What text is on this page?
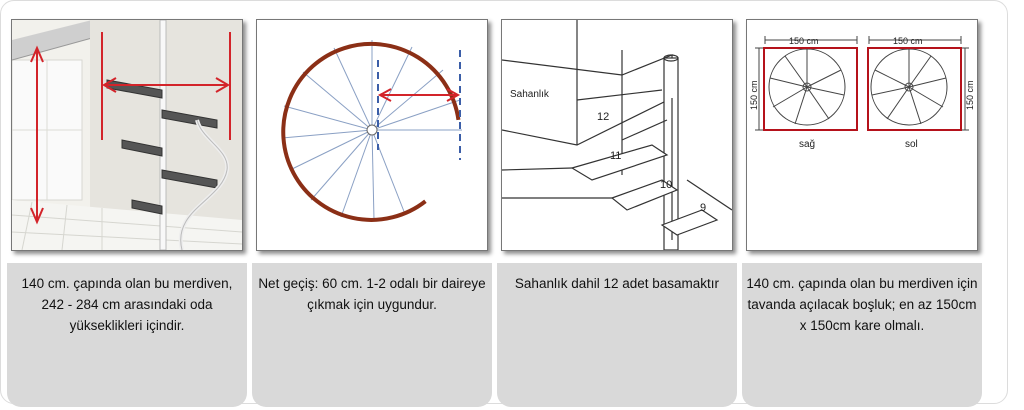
140 cm. çapında olan bu merdiven, 242 - 284 cm arasındaki oda yükseklikleri içindir.
Net geçiş: 60 cm. 1-2 odalı bir daireye çıkmak için uygundur.
Sahanlık
12
11
10
9
Sahanlık dahil 12 adet basamaktır
150 cm
150 cm
sağ
150 cm
150 cm
sol
140 cm. çapında olan bu merdiven için tavanda açılacak boşluk; en az 150cm x 150cm kare olmalı.
